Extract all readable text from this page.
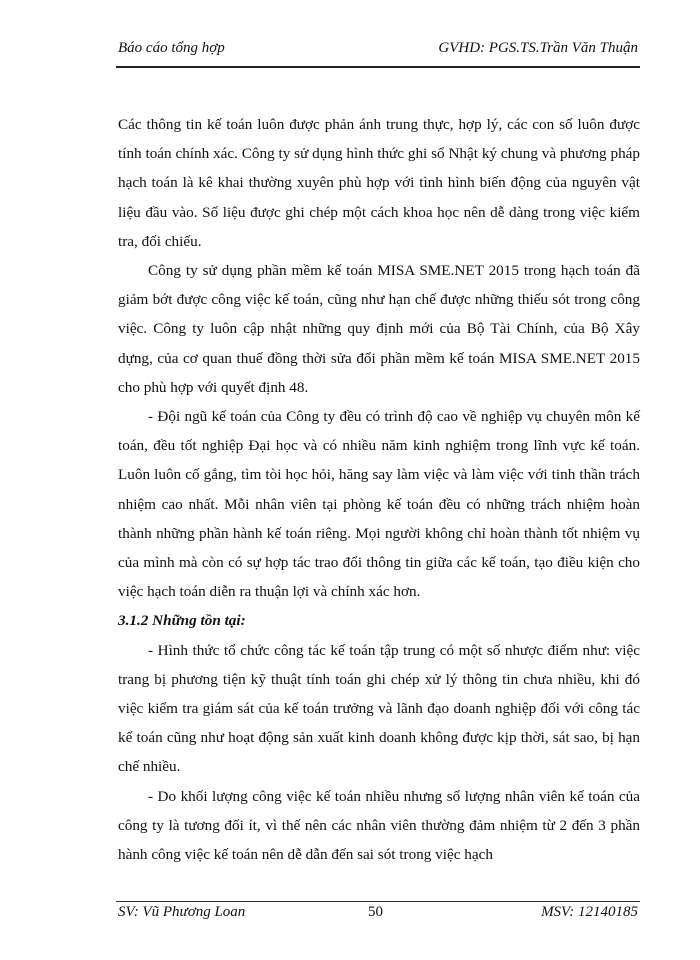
Báo cáo tổng hợp	GVHD: PGS.TS.Trần Văn Thuận

Các thông tin kế toán luôn được phản ánh trung thực, hợp lý, các con số luôn được tính toán chính xác. Công ty sử dụng hình thức ghi sổ Nhật ký chung và phương pháp hạch toán là kê khai thường xuyên phù hợp với tình hình biến động của nguyên vật liệu đầu vào. Số liệu được ghi chép một cách khoa học nên dễ dàng trong việc kiểm tra, đối chiếu.

Công ty sử dụng phần mềm kế toán MISA SME.NET 2015 trong hạch toán đã giảm bớt được công việc kế toán, cũng như hạn chế được những thiếu sót trong công việc. Công ty luôn cập nhật những quy định mới của Bộ Tài Chính, của Bộ Xây dựng, của cơ quan thuế đồng thời sửa đổi phần mềm kế toán MISA SME.NET 2015 cho phù hợp với quyết định 48.

- Đội ngũ kế toán của Công ty đều có trình độ cao về nghiệp vụ chuyên môn kế toán, đều tốt nghiệp Đại học và có nhiều năm kinh nghiệm trong lĩnh vực kế toán. Luôn luôn cố gắng, tìm tòi học hỏi, hăng say làm việc và làm việc với tinh thần trách nhiệm cao nhất. Mỗi nhân viên tại phòng kế toán đều có những trách nhiệm hoàn thành những phần hành kế toán riêng. Mọi người không chỉ hoàn thành tốt nhiệm vụ của mình mà còn có sự hợp tác trao đổi thông tin giữa các kế toán, tạo điều kiện cho việc hạch toán diễn ra thuận lợi và chính xác hơn.

3.1.2 Những tồn tại:

- Hình thức tổ chức công tác kế toán tập trung có một số nhược điểm như: việc trang bị phương tiện kỹ thuật tính toán ghi chép xử lý thông tin chưa nhiều, khi đó việc kiểm tra giám sát của kế toán trưởng và lãnh đạo doanh nghiệp đối với công tác kế toán cũng như hoạt động sản xuất kinh doanh không được kịp thời, sát sao, bị hạn chế nhiều.

- Do khối lượng công việc kế toán nhiều nhưng số lượng nhân viên kế toán của công ty là tương đối ít, vì thế nên các nhân viên thường đảm nhiệm từ 2 đến 3 phần hành công việc kế toán nên dễ dẫn đến sai sót trong việc hạch

SV: Vũ Phương Loan	50	MSV: 12140185
